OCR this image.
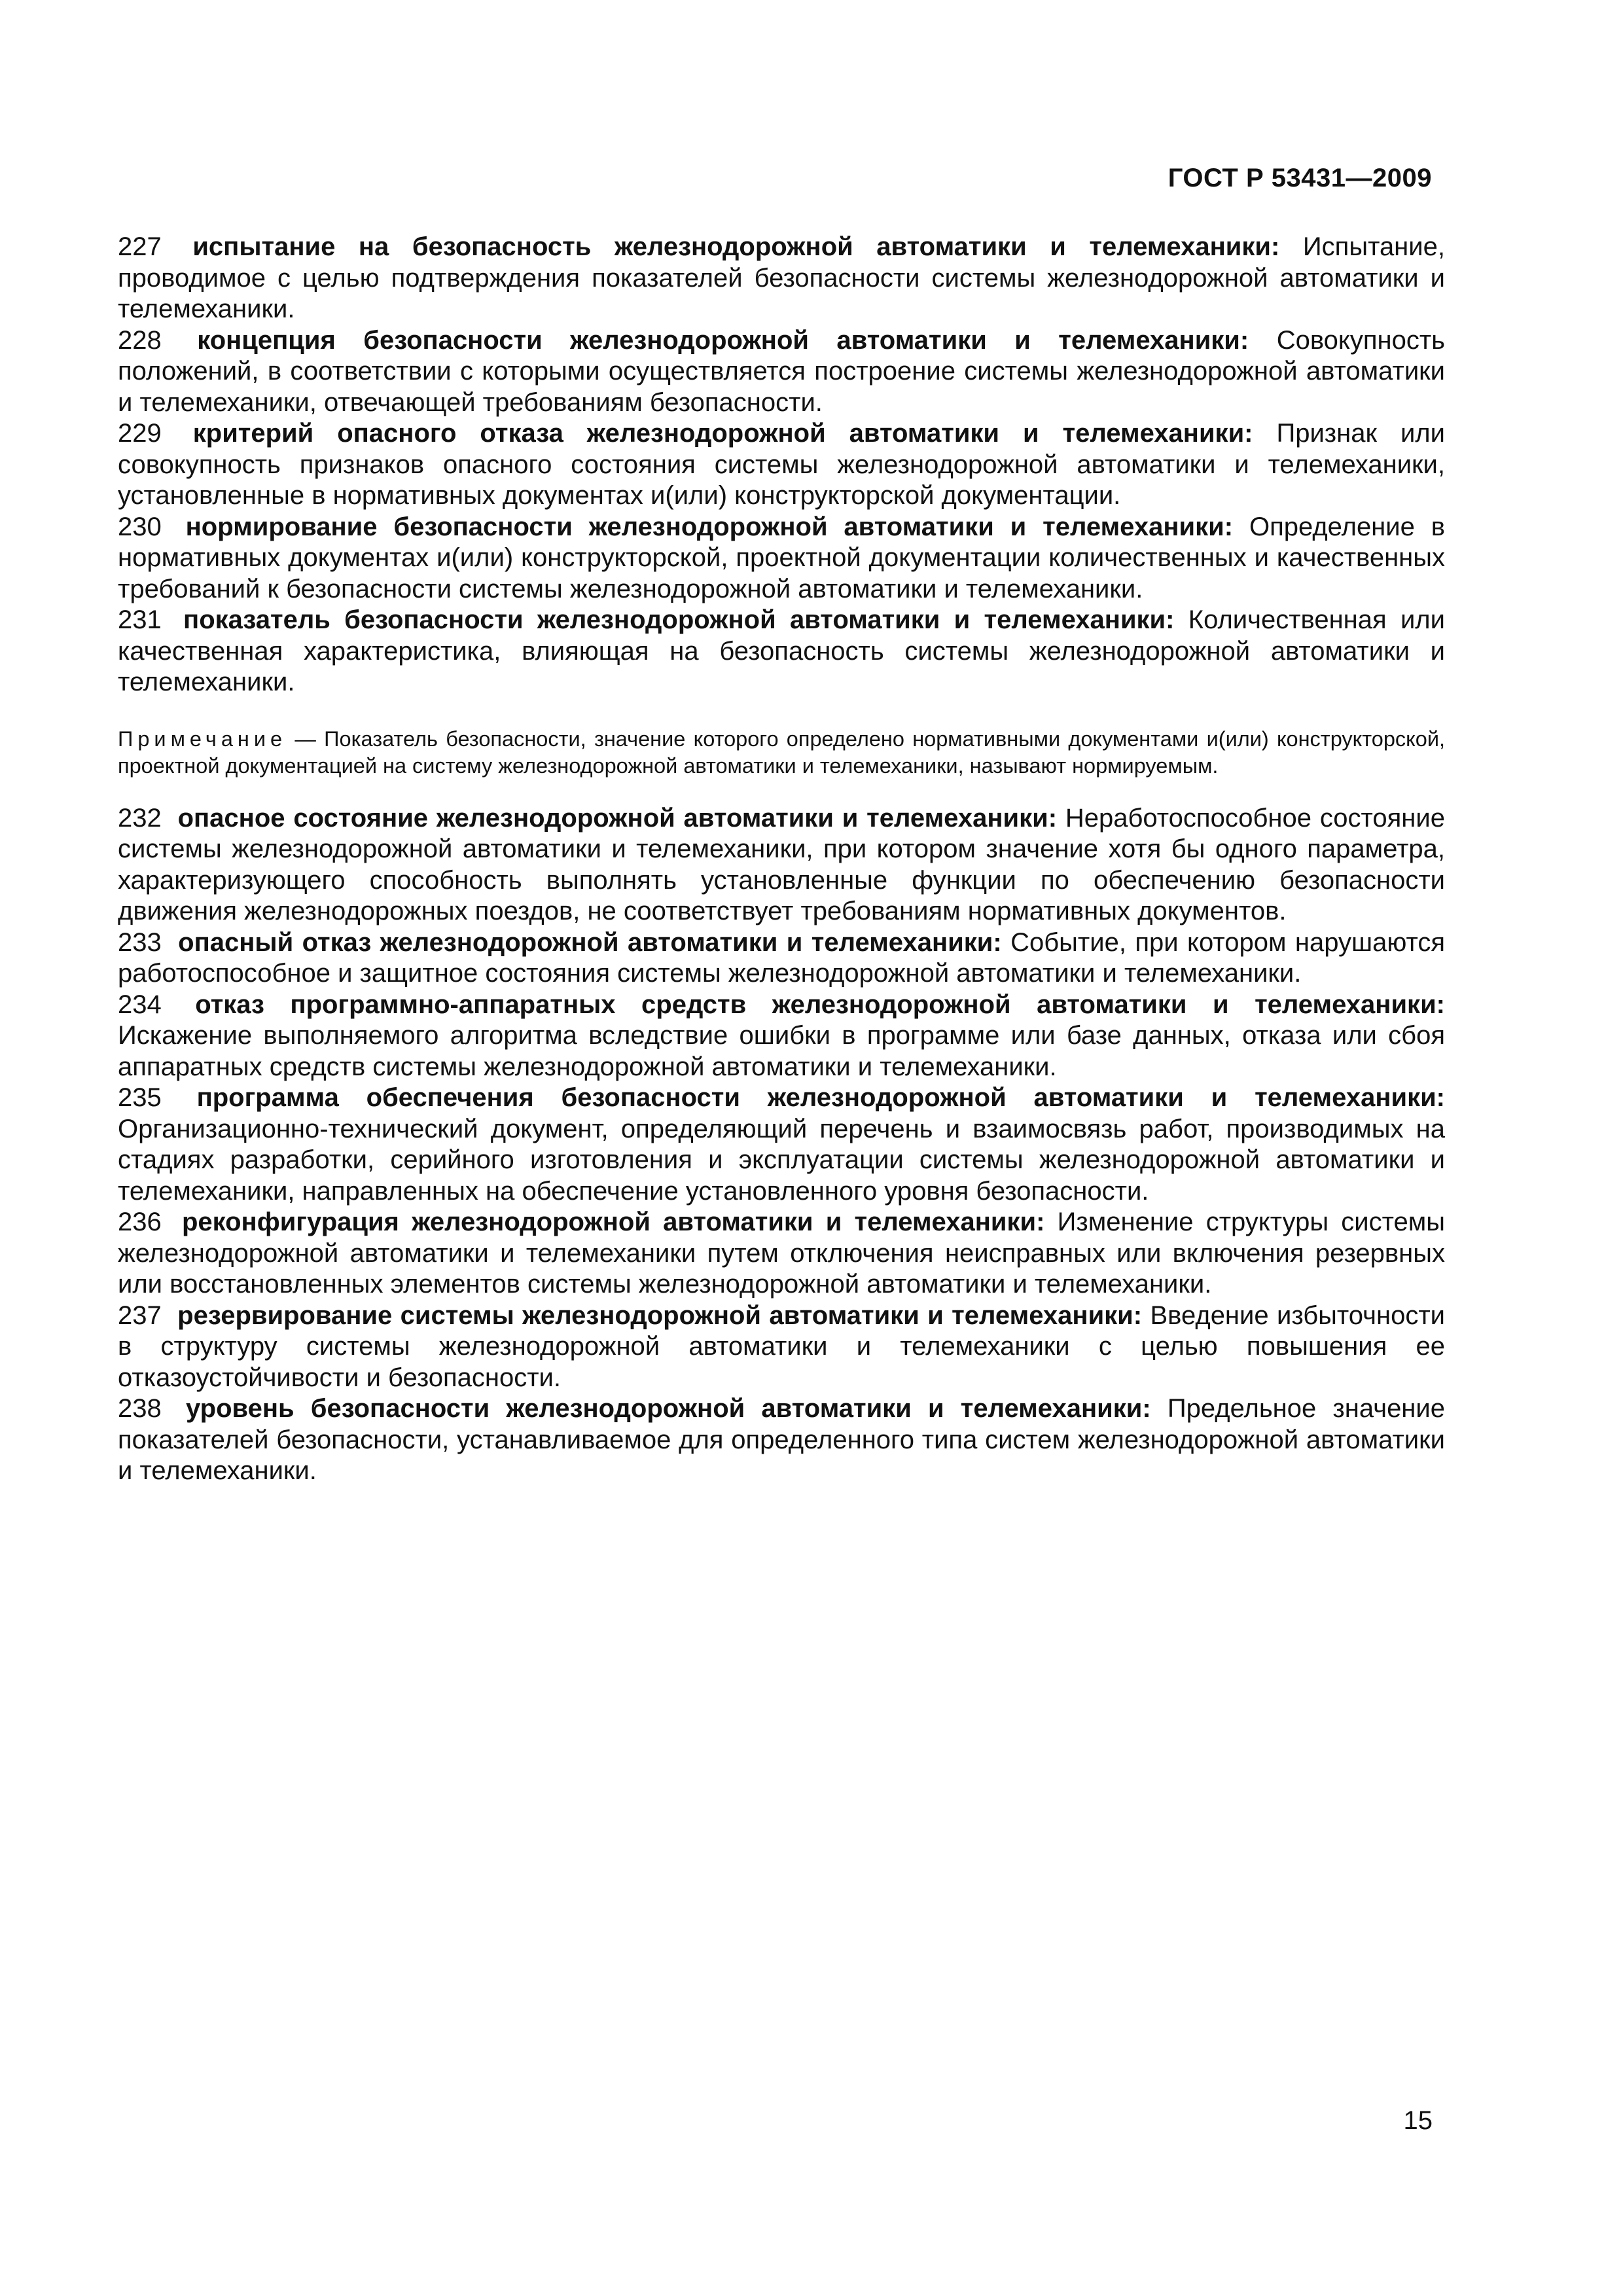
ГОСТ Р 53431—2009

227 испытание на безопасность железнодорожной автоматики и телемеханики: Испытание, проводимое с целью подтверждения показателей безопасности системы железнодорожной автоматики и телемеханики.

228 концепция безопасности железнодорожной автоматики и телемеханики: Совокупность положений, в соответствии с которыми осуществляется построение системы железнодорожной автоматики и телемеханики, отвечающей требованиям безопасности.

229 критерий опасного отказа железнодорожной автоматики и телемеханики: Признак или совокупность признаков опасного состояния системы железнодорожной автоматики и телемеханики, установленные в нормативных документах и(или) конструкторской документации.

230 нормирование безопасности железнодорожной автоматики и телемеханики: Определение в нормативных документах и(или) конструкторской, проектной документации количественных и качественных требований к безопасности системы железнодорожной автоматики и телемеханики.

231 показатель безопасности железнодорожной автоматики и телемеханики: Количественная или качественная характеристика, влияющая на безопасность системы железнодорожной автоматики и телемеханики.

Примечание — Показатель безопасности, значение которого определено нормативными документами и(или) конструкторской, проектной документацией на систему железнодорожной автоматики и телемеханики, называют нормируемым.

232 опасное состояние железнодорожной автоматики и телемеханики: Неработоспособное состояние системы железнодорожной автоматики и телемеханики, при котором значение хотя бы одного параметра, характеризующего способность выполнять установленные функции по обеспечению безопасности движения железнодорожных поездов, не соответствует требованиям нормативных документов.

233 опасный отказ железнодорожной автоматики и телемеханики: Событие, при котором нарушаются работоспособное и защитное состояния системы железнодорожной автоматики и телемеханики.

234 отказ программно-аппаратных средств железнодорожной автоматики и телемеханики: Искажение выполняемого алгоритма вследствие ошибки в программе или базе данных, отказа или сбоя аппаратных средств системы железнодорожной автоматики и телемеханики.

235 программа обеспечения безопасности железнодорожной автоматики и телемеханики: Организационно-технический документ, определяющий перечень и взаимосвязь работ, производимых на стадиях разработки, серийного изготовления и эксплуатации системы железнодорожной автоматики и телемеханики, направленных на обеспечение установленного уровня безопасности.

236 реконфигурация железнодорожной автоматики и телемеханики: Изменение структуры системы железнодорожной автоматики и телемеханики путем отключения неисправных или включения резервных или восстановленных элементов системы железнодорожной автоматики и телемеханики.

237 резервирование системы железнодорожной автоматики и телемеханики: Введение избыточности в структуру системы железнодорожной автоматики и телемеханики с целью повышения ее отказоустойчивости и безопасности.

238 уровень безопасности железнодорожной автоматики и телемеханики: Предельное значение показателей безопасности, устанавливаемое для определенного типа систем железнодорожной автоматики и телемеханики.

15
